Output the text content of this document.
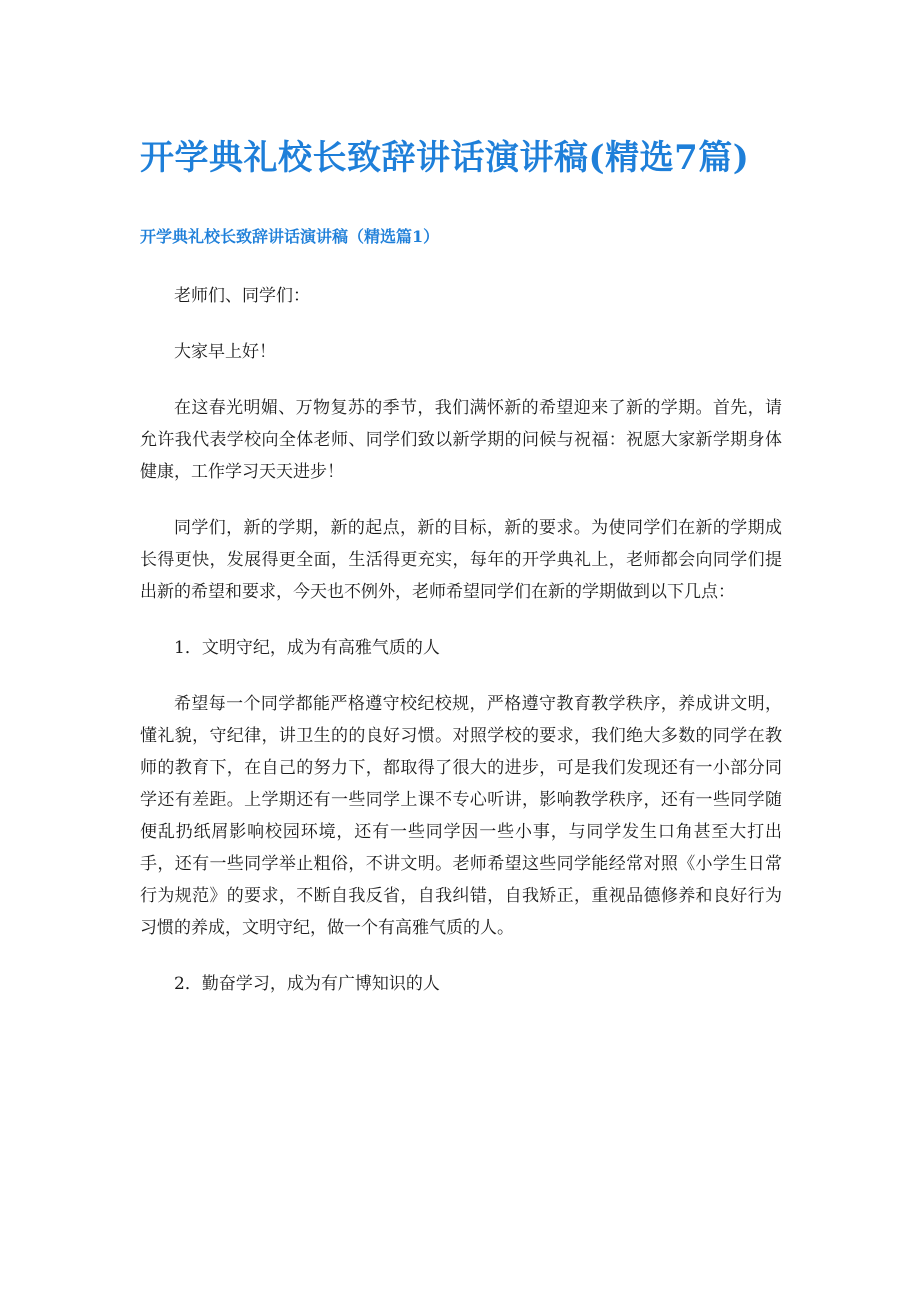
开学典礼校长致辞讲话演讲稿(精选7篇)
开学典礼校长致辞讲话演讲稿（精选篇1）

老师们、同学们：

大家早上好！

在这春光明媚、万物复苏的季节，我们满怀新的希望迎来了新的学期。首先，请允许我代表学校向全体老师、同学们致以新学期的问候与祝福：祝愿大家新学期身体健康，工作学习天天进步！

同学们，新的学期，新的起点，新的目标，新的要求。为使同学们在新的学期成长得更快，发展得更全面，生活得更充实，每年的开学典礼上，老师都会向同学们提出新的希望和要求，今天也不例外，老师希望同学们在新的学期做到以下几点：

1．文明守纪，成为有高雅气质的人

希望每一个同学都能严格遵守校纪校规，严格遵守教育教学秩序，养成讲文明，懂礼貌，守纪律，讲卫生的的良好习惯。对照学校的要求，我们绝大多数的同学在教师的教育下，在自己的努力下，都取得了很大的进步，可是我们发现还有一小部分同学还有差距。上学期还有一些同学上课不专心听讲，影响教学秩序，还有一些同学随便乱扔纸屑影响校园环境，还有一些同学因一些小事，与同学发生口角甚至大打出手，还有一些同学举止粗俗，不讲文明。老师希望这些同学能经常对照《小学生日常行为规范》的要求，不断自我反省，自我纠错，自我矫正，重视品德修养和良好行为习惯的养成，文明守纪，做一个有高雅气质的人。

2．勤奋学习，成为有广博知识的人
